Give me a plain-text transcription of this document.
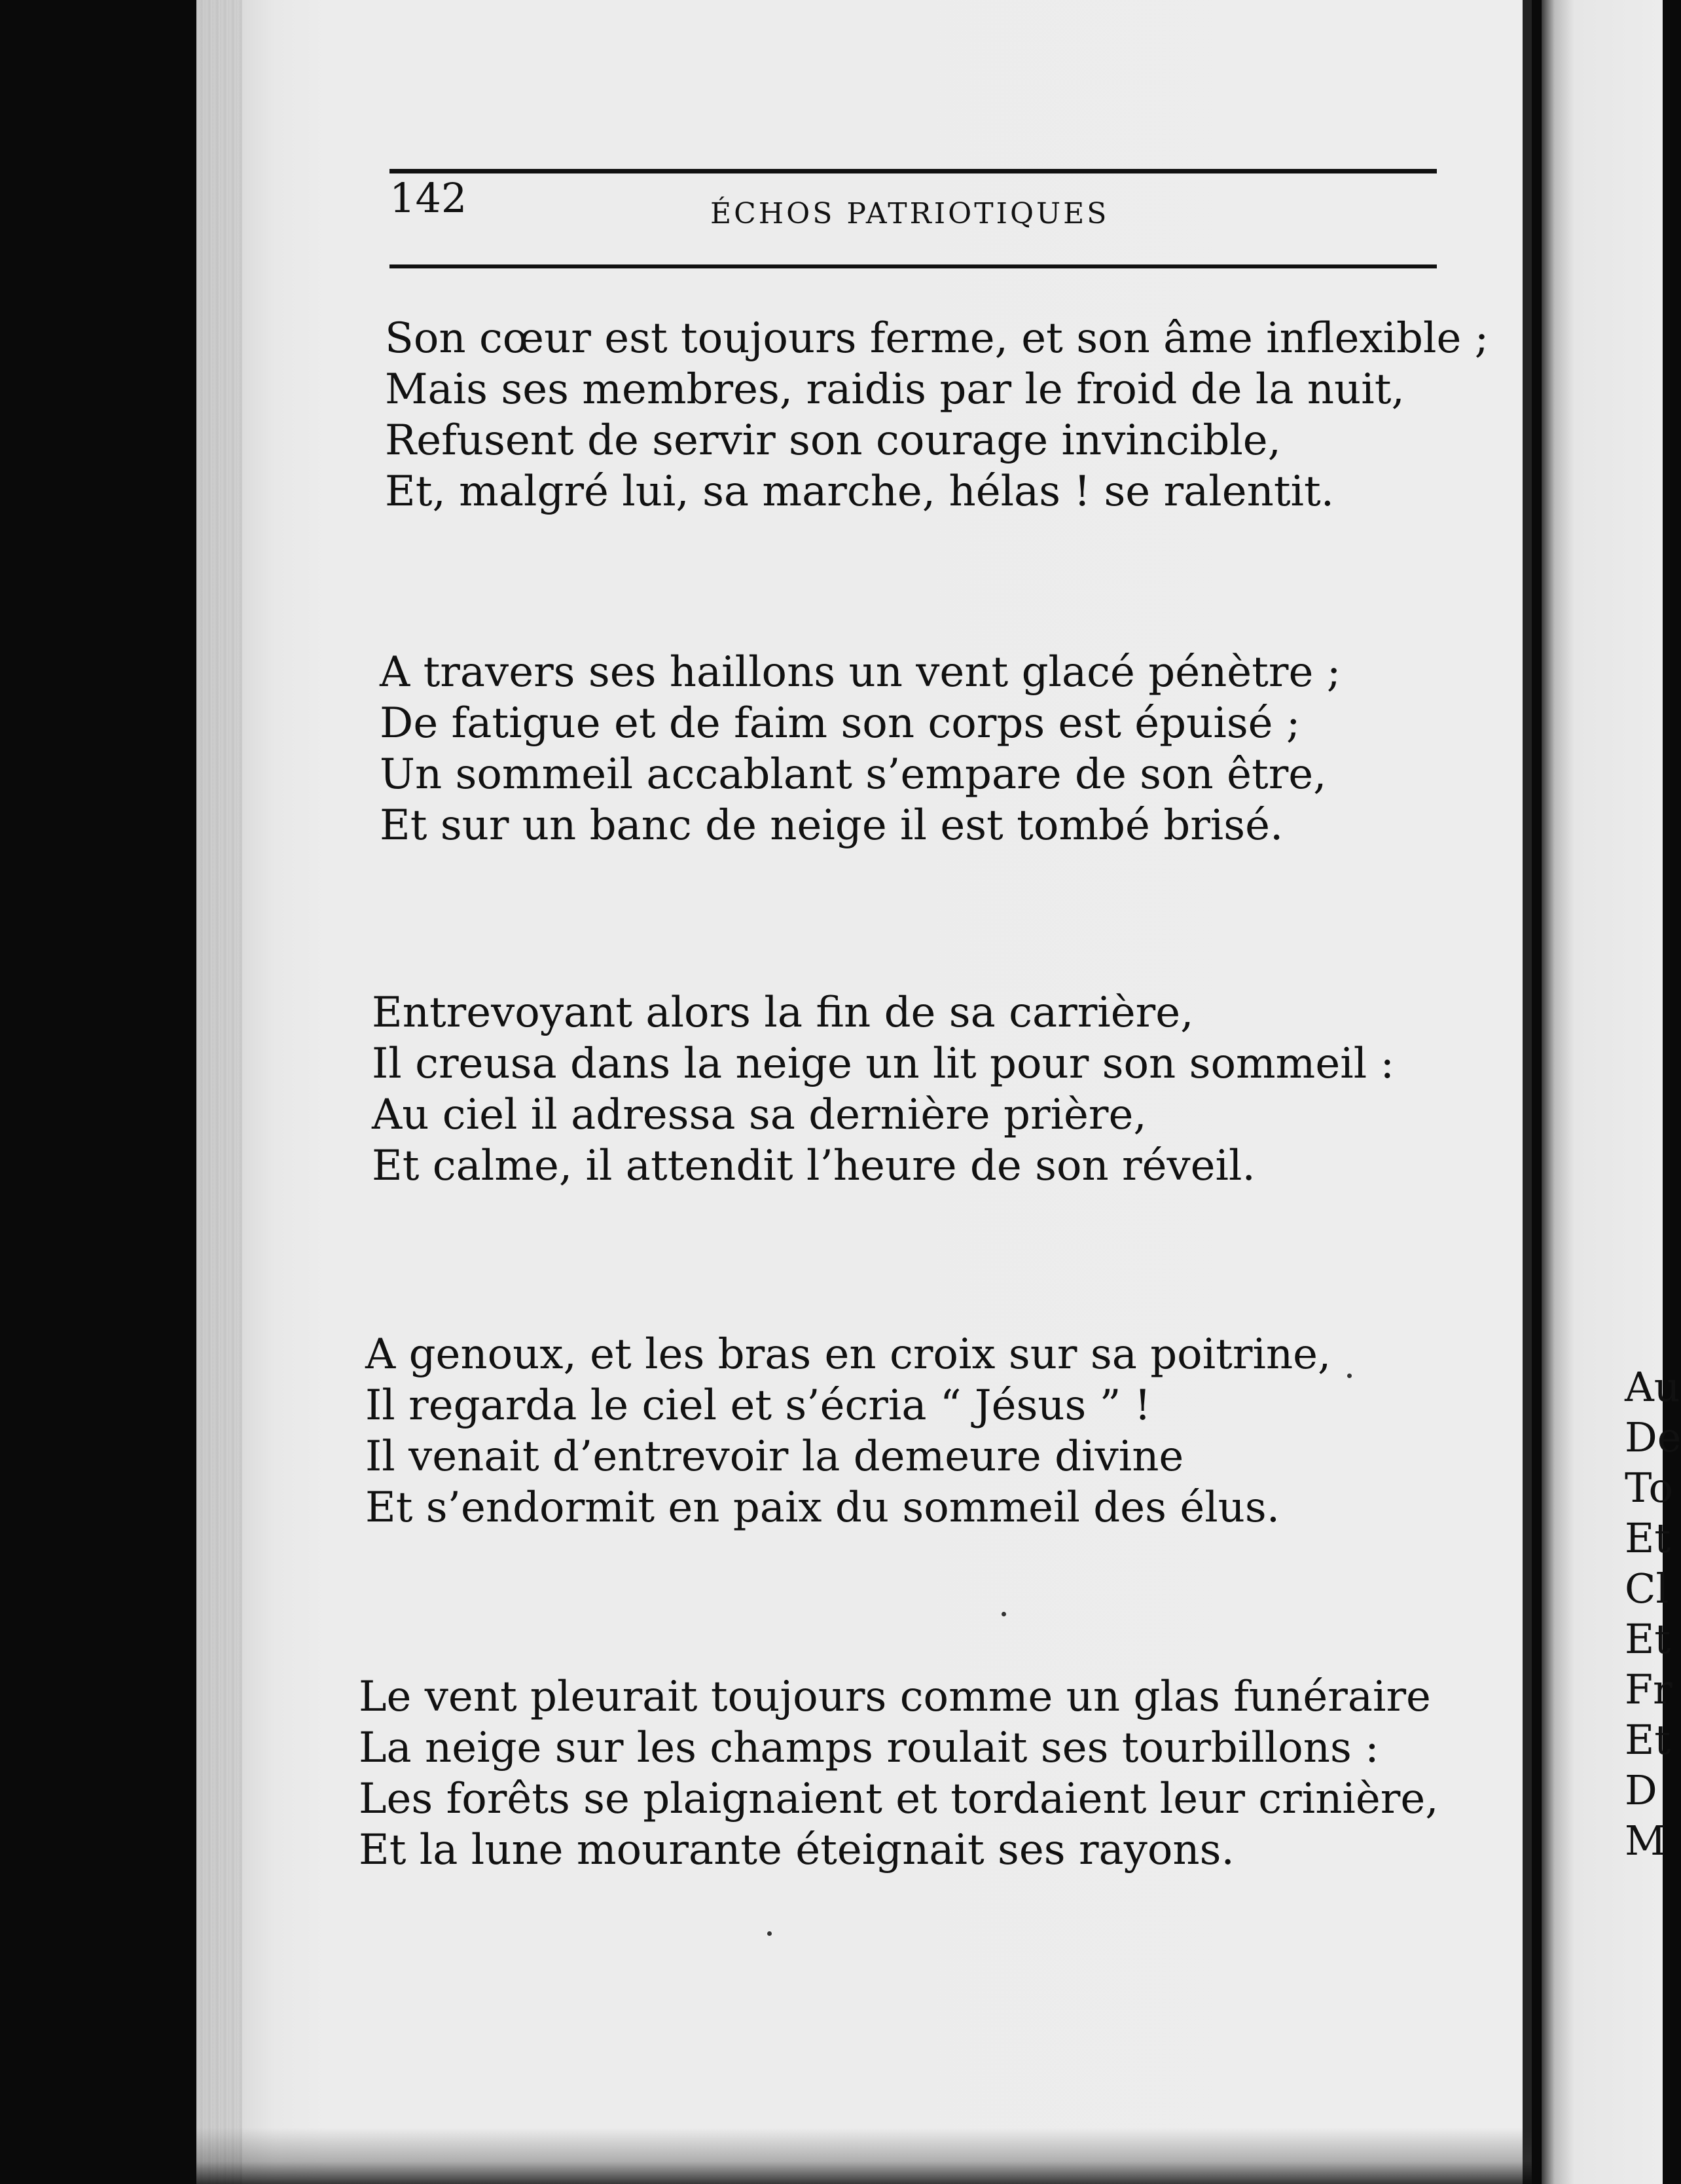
142	ÉCHOS PATRIOTIQUES
Son cœur est toujours ferme, et son âme inflexible ;
Mais ses membres, raidis par le froid de la nuit,
Refusent de servir son courage invincible,
Et, malgré lui, sa marche, hélas ! se ralentit.
A travers ses haillons un vent glacé pénètre ;
De fatigue et de faim son corps est épuisé ;
Un sommeil accablant s’empare de son être,
Et sur un banc de neige il est tombé brisé.
Entrevoyant alors la fin de sa carrière,
Il creusa dans la neige un lit pour son sommeil :
Au ciel il adressa sa dernière prière,
Et calme, il attendit l’heure de son réveil.
A genoux, et les bras en croix sur sa poitrine,
Il regarda le ciel et s’écria “ Jésus ” !
Il venait d’entrevoir la demeure divine
Et s’endormit en paix du sommeil des élus.
Le vent pleurait toujours comme un glas funéraire
La neige sur les champs roulait ses tourbillons :
Les forêts se plaignaient et tordaient leur crinière,
Et la lune mourante éteignait ses rayons.
Au
De
To
Et
Cl
Et
Fr
Et
D
M
